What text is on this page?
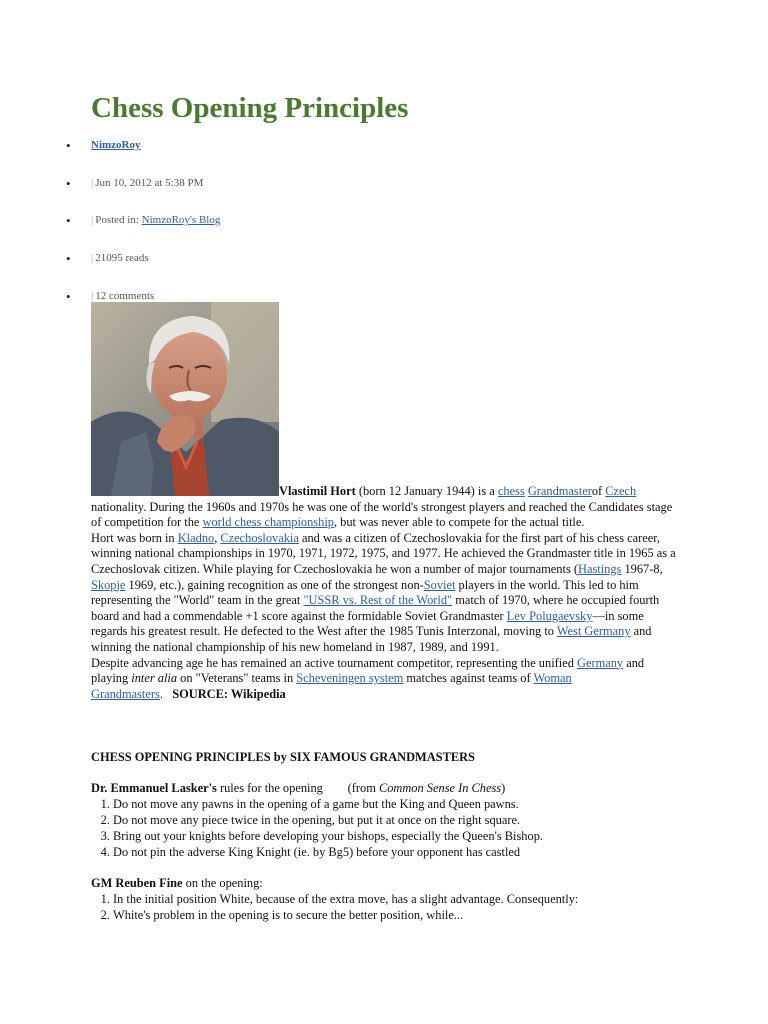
Chess Opening Principles
• NimzoRoy
• | Jun 10, 2012 at 5:38 PM
• | Posted in: NimzoRoy's Blog
• | 21095 reads
• | 12 comments

Vlastimil Hort (born 12 January 1944) is a chess Grandmasterof Czech nationality. During the 1960s and 1970s he was one of the world's strongest players and reached the Candidates stage of competition for the world chess championship, but was never able to compete for the actual title.

Hort was born in Kladno, Czechoslovakia and was a citizen of Czechoslovakia for the first part of his chess career, winning national championships in 1970, 1971, 1972, 1975, and 1977. He achieved the Grandmaster title in 1965 as a Czechoslovak citizen. While playing for Czechoslovakia he won a number of major tournaments (Hastings 1967-8, Skopje 1969, etc.), gaining recognition as one of the strongest non-Soviet players in the world. This led to him representing the "World" team in the great "USSR vs. Rest of the World" match of 1970, where he occupied fourth board and had a commendable +1 score against the formidable Soviet Grandmaster Lev Polugaevsky—in some regards his greatest result. He defected to the West after the 1985 Tunis Interzonal, moving to West Germany and winning the national championship of his new homeland in 1987, 1989, and 1991.

Despite advancing age he has remained an active tournament competitor, representing the unified Germany and playing inter alia on "Veterans" teams in Scheveningen system matches against teams of Woman Grandmasters.   SOURCE: Wikipedia

CHESS OPENING PRINCIPLES by SIX FAMOUS GRANDMASTERS
Dr. Emmanuel Lasker's rules for the opening        (from Common Sense In Chess)
1. Do not move any pawns in the opening of a game but the King and Queen pawns.
2. Do not move any piece twice in the opening, but put it at once on the right square.
3. Bring out your knights before developing your bishops, especially the Queen's Bishop.
4. Do not pin the adverse King Knight (ie. by Bg5) before your opponent has castled
GM Reuben Fine on the opening:
1. In the initial position White, because of the extra move, has a slight advantage. Consequently:
2. White's problem in the opening is to secure the better position, while...
